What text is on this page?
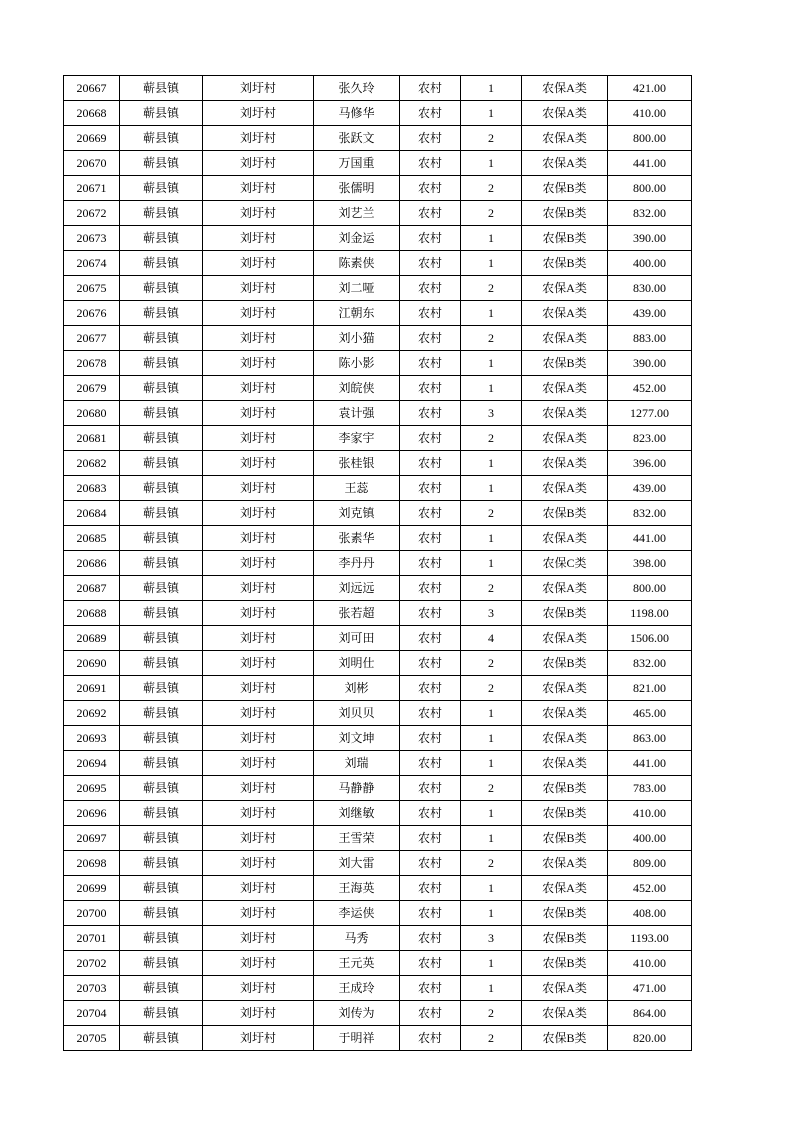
20667	蕲县镇	刘圩村	张久玲	农村	1	农保A类	421.00
20668	蕲县镇	刘圩村	马修华	农村	1	农保A类	410.00
20669	蕲县镇	刘圩村	张跃文	农村	2	农保A类	800.00
20670	蕲县镇	刘圩村	万国重	农村	1	农保A类	441.00
20671	蕲县镇	刘圩村	张儒明	农村	2	农保B类	800.00
20672	蕲县镇	刘圩村	刘艺兰	农村	2	农保B类	832.00
20673	蕲县镇	刘圩村	刘金运	农村	1	农保B类	390.00
20674	蕲县镇	刘圩村	陈素侠	农村	1	农保B类	400.00
20675	蕲县镇	刘圩村	刘二哑	农村	2	农保A类	830.00
20676	蕲县镇	刘圩村	江朝东	农村	1	农保A类	439.00
20677	蕲县镇	刘圩村	刘小猫	农村	2	农保A类	883.00
20678	蕲县镇	刘圩村	陈小影	农村	1	农保B类	390.00
20679	蕲县镇	刘圩村	刘皖侠	农村	1	农保A类	452.00
20680	蕲县镇	刘圩村	袁计强	农村	3	农保A类	1277.00
20681	蕲县镇	刘圩村	李家宇	农村	2	农保A类	823.00
20682	蕲县镇	刘圩村	张桂银	农村	1	农保A类	396.00
20683	蕲县镇	刘圩村	王蕊	农村	1	农保A类	439.00
20684	蕲县镇	刘圩村	刘克镇	农村	2	农保B类	832.00
20685	蕲县镇	刘圩村	张素华	农村	1	农保A类	441.00
20686	蕲县镇	刘圩村	李丹丹	农村	1	农保C类	398.00
20687	蕲县镇	刘圩村	刘远远	农村	2	农保A类	800.00
20688	蕲县镇	刘圩村	张若超	农村	3	农保B类	1198.00
20689	蕲县镇	刘圩村	刘可田	农村	4	农保A类	1506.00
20690	蕲县镇	刘圩村	刘明仕	农村	2	农保B类	832.00
20691	蕲县镇	刘圩村	刘彬	农村	2	农保A类	821.00
20692	蕲县镇	刘圩村	刘贝贝	农村	1	农保A类	465.00
20693	蕲县镇	刘圩村	刘文坤	农村	1	农保A类	863.00
20694	蕲县镇	刘圩村	刘瑞	农村	1	农保A类	441.00
20695	蕲县镇	刘圩村	马静静	农村	2	农保B类	783.00
20696	蕲县镇	刘圩村	刘继敏	农村	1	农保B类	410.00
20697	蕲县镇	刘圩村	王雪荣	农村	1	农保B类	400.00
20698	蕲县镇	刘圩村	刘大雷	农村	2	农保A类	809.00
20699	蕲县镇	刘圩村	王海英	农村	1	农保A类	452.00
20700	蕲县镇	刘圩村	李运侠	农村	1	农保B类	408.00
20701	蕲县镇	刘圩村	马秀	农村	3	农保B类	1193.00
20702	蕲县镇	刘圩村	王元英	农村	1	农保B类	410.00
20703	蕲县镇	刘圩村	王成玲	农村	1	农保A类	471.00
20704	蕲县镇	刘圩村	刘传为	农村	2	农保A类	864.00
20705	蕲县镇	刘圩村	于明祥	农村	2	农保B类	820.00
